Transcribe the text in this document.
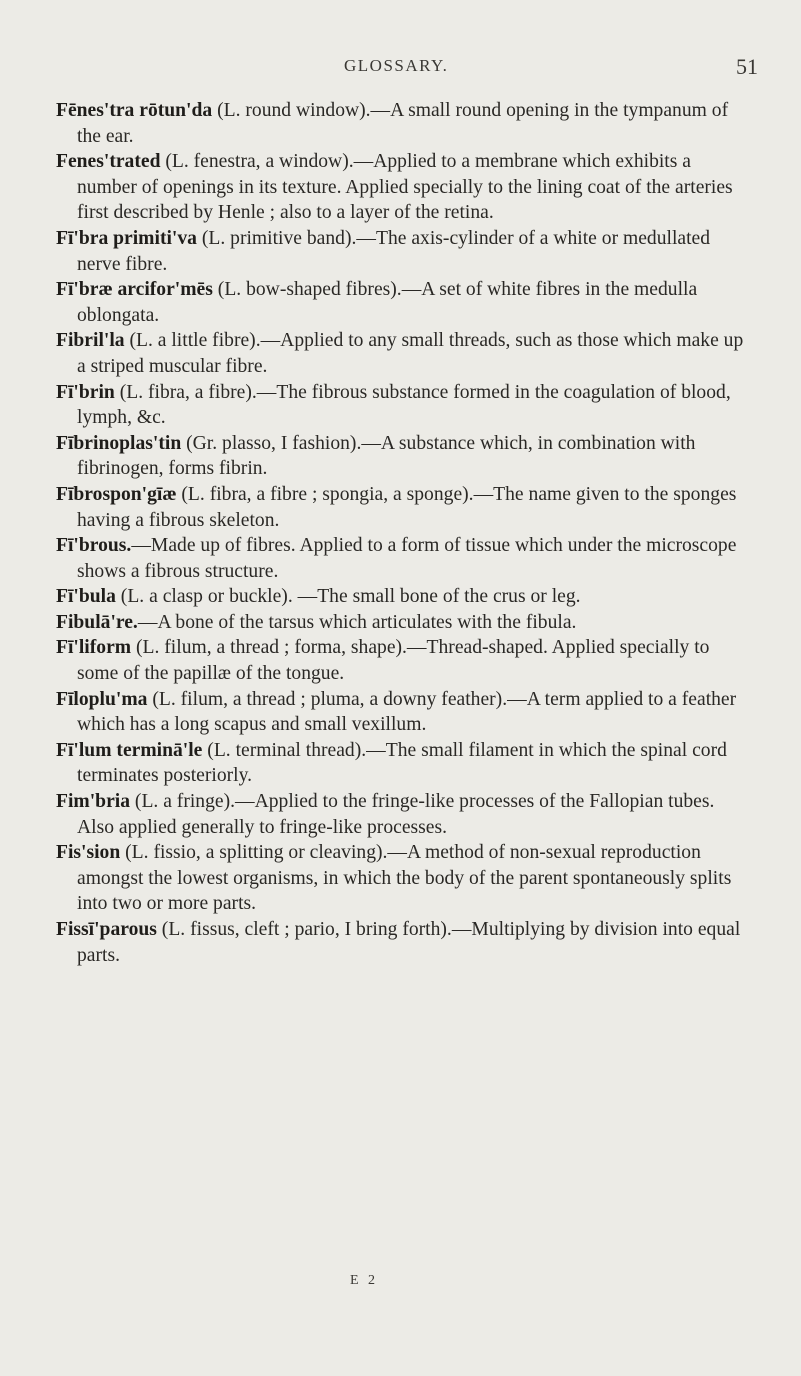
GLOSSARY.	51

Fēnes'tra rōtun'da (L. round window).—A small round opening in the tympanum of the ear.

Fenes'trated (L. fenestra, a window).—Applied to a membrane which exhibits a number of openings in its texture. Applied specially to the lining coat of the arteries first described by Henle ; also to a layer of the retina.

Fī'bra primiti'va (L. primitive band).—The axis-cylinder of a white or medullated nerve fibre.

Fī'bræ arcifor'mēs (L. bow-shaped fibres).—A set of white fibres in the medulla oblongata.

Fibril'la (L. a little fibre).—Applied to any small threads, such as those which make up a striped muscular fibre.

Fī'brin (L. fibra, a fibre).—The fibrous substance formed in the coagulation of blood, lymph, &c.

Fībrinoplas'tin (Gr. plasso, I fashion).—A substance which, in combination with fibrinogen, forms fibrin.

Fībrospon'gīæ (L. fibra, a fibre ; spongia, a sponge).—The name given to the sponges having a fibrous skeleton.

Fī'brous.—Made up of fibres. Applied to a form of tissue which under the microscope shows a fibrous structure.

Fī'bula (L. a clasp or buckle). —The small bone of the crus or leg.

Fibulā're.—A bone of the tarsus which articulates with the fibula.

Fī'liform (L. filum, a thread ; forma, shape).—Thread-shaped. Applied specially to some of the papillæ of the tongue.

Fīloplu'ma (L. filum, a thread ; pluma, a downy feather).—A term applied to a feather which has a long scapus and small vexillum.

Fī'lum terminā'le (L. terminal thread).—The small filament in which the spinal cord terminates posteriorly.

Fim'bria (L. a fringe).—Applied to the fringe-like processes of the Fallopian tubes. Also applied generally to fringe-like processes.

Fis'sion (L. fissio, a splitting or cleaving).—A method of non-sexual reproduction amongst the lowest organisms, in which the body of the parent spontaneously splits into two or more parts.

Fissī'parous (L. fissus, cleft ; pario, I bring forth).—Multiplying by division into equal parts.

E 2
